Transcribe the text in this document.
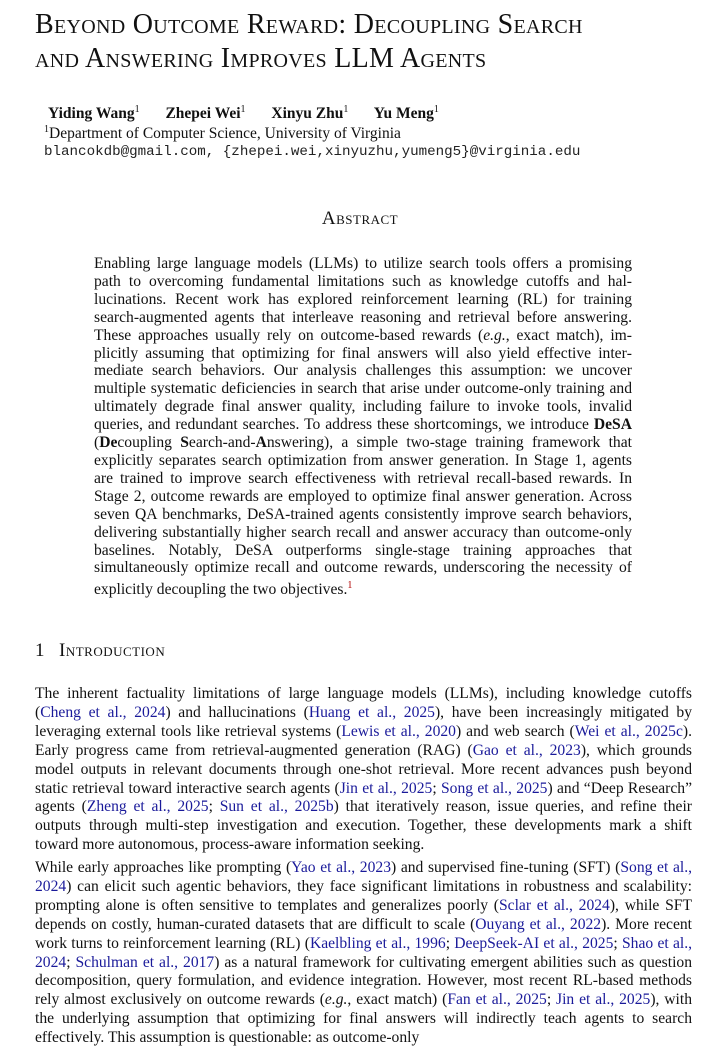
Beyond Outcome Reward: Decoupling Search
and Answering Improves LLM Agents
Yiding Wang$^1$ Zhepei Wei$^1$ Xinyu Zhu$^1$ Yu Meng$^1$
$^1$Department of Computer Science, University of Virginia
blancokdb@gmail.com, {zhepei.wei,xinyuzhu,yumeng5}@virginia.edu
Abstract
Enabling large language models (LLMs) to utilize search tools offers a promising path to overcoming fundamental limitations such as knowledge cutoffs and hallucinations. Recent work has explored reinforcement learning (RL) for training search-augmented agents that interleave reasoning and retrieval before answering. These approaches usually rely on outcome-based rewards (e.g., exact match), implicitly assuming that optimizing for final answers will also yield effective intermediate search behaviors. Our analysis challenges this assumption: we uncover multiple systematic deficiencies in search that arise under outcome-only training and ultimately degrade final answer quality, including failure to invoke tools, invalid queries, and redundant searches. To address these shortcomings, we introduce DeSA (Decoupling Search-and-Answering), a simple two-stage training framework that explicitly separates search optimization from answer generation. In Stage 1, agents are trained to improve search effectiveness with retrieval recall-based rewards. In Stage 2, outcome rewards are employed to optimize final answer generation. Across seven QA benchmarks, DeSA-trained agents consistently improve search behaviors, delivering substantially higher search recall and answer accuracy than outcome-only baselines. Notably, DeSA outperforms single-stage training approaches that simultaneously optimize recall and outcome rewards, underscoring the necessity of explicitly decoupling the two objectives.$^1$
1 Introduction
The inherent factuality limitations of large language models (LLMs), including knowledge cutoffs (Cheng et al., 2024) and hallucinations (Huang et al., 2025), have been increasingly mitigated by leveraging external tools like retrieval systems (Lewis et al., 2020) and web search (Wei et al., 2025c). Early progress came from retrieval-augmented generation (RAG) (Gao et al., 2023), which grounds model outputs in relevant documents through one-shot retrieval. More recent advances push beyond static retrieval toward interactive search agents (Jin et al., 2025; Song et al., 2025) and “Deep Research” agents (Zheng et al., 2025; Sun et al., 2025b) that iteratively reason, issue queries, and refine their outputs through multi-step investigation and execution. Together, these developments mark a shift toward more autonomous, process-aware information seeking.
While early approaches like prompting (Yao et al., 2023) and supervised fine-tuning (SFT) (Song et al., 2024) can elicit such agentic behaviors, they face significant limitations in robustness and scalability: prompting alone is often sensitive to templates and generalizes poorly (Sclar et al., 2024), while SFT depends on costly, human-curated datasets that are difficult to scale (Ouyang et al., 2022). More recent work turns to reinforcement learning (RL) (Kaelbling et al., 1996; DeepSeek-AI et al., 2025; Shao et al., 2024; Schulman et al., 2017) as a natural framework for cultivating emergent abilities such as question decomposition, query formulation, and evidence integration. However, most recent RL-based methods rely almost exclusively on outcome rewards (e.g., exact match) (Fan et al., 2025; Jin et al., 2025), with the underlying assumption that optimizing for final answers will indirectly teach agents to search effectively. This assumption is questionable: as outcome-only
